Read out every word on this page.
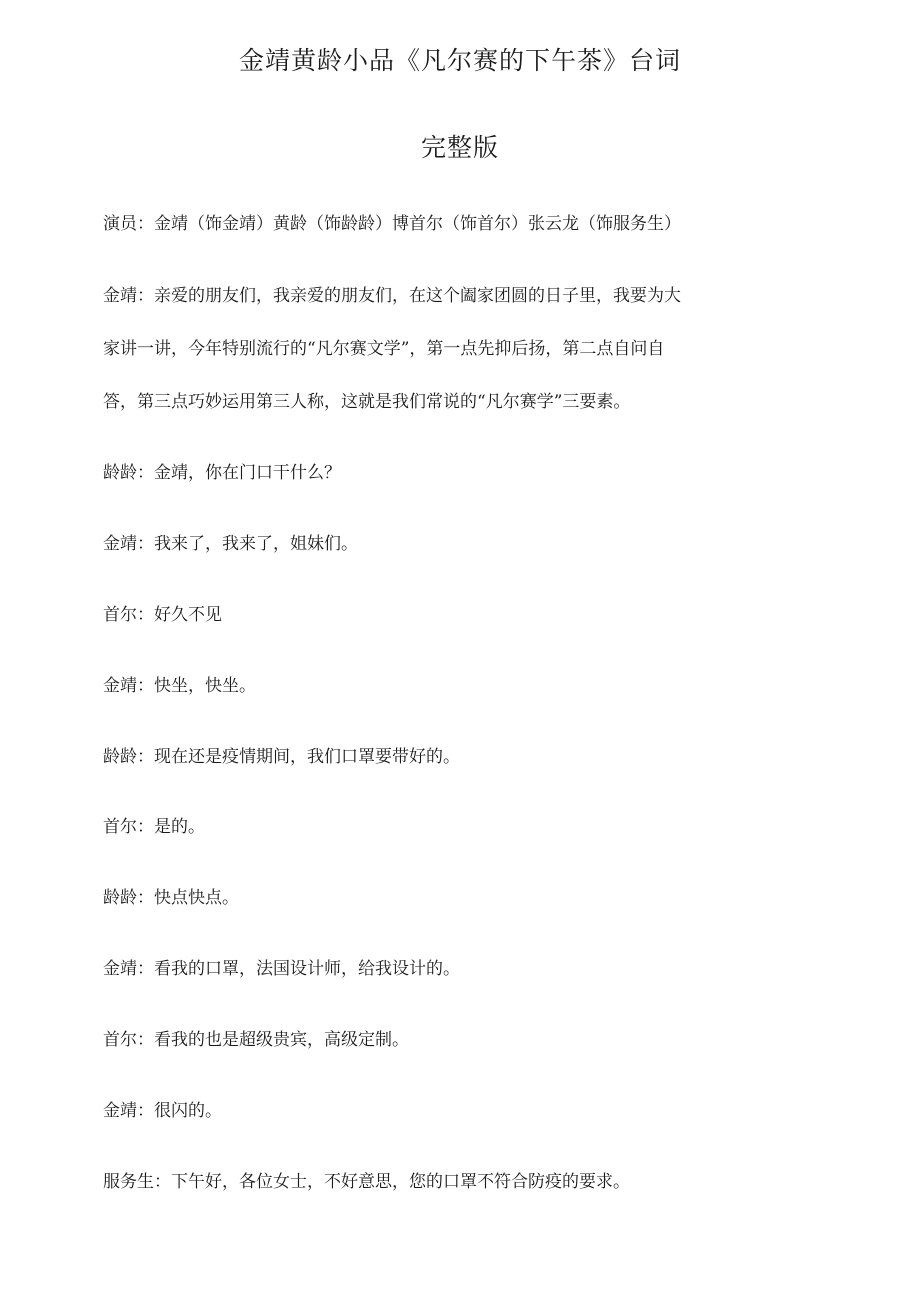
金靖黄龄小品《凡尔赛的下午茶》台词
完整版

演员：金靖（饰金靖）黄龄（饰龄龄）博首尔（饰首尔）张云龙（饰服务生）

金靖：亲爱的朋友们，我亲爱的朋友们，在这个阖家团圆的日子里，我要为大

家讲一讲，今年特别流行的“凡尔赛文学”，第一点先抑后扬，第二点自问自

答，第三点巧妙运用第三人称，这就是我们常说的“凡尔赛学”三要素。

龄龄：金靖，你在门口干什么？

金靖：我来了，我来了，姐妹们。

首尔：好久不见

金靖：快坐，快坐。

龄龄：现在还是疫情期间，我们口罩要带好的。

首尔：是的。

龄龄：快点快点。

金靖：看我的口罩，法国设计师，给我设计的。

首尔：看我的也是超级贵宾，高级定制。

金靖：很闪的。

服务生：下午好，各位女士，不好意思，您的口罩不符合防疫的要求。
